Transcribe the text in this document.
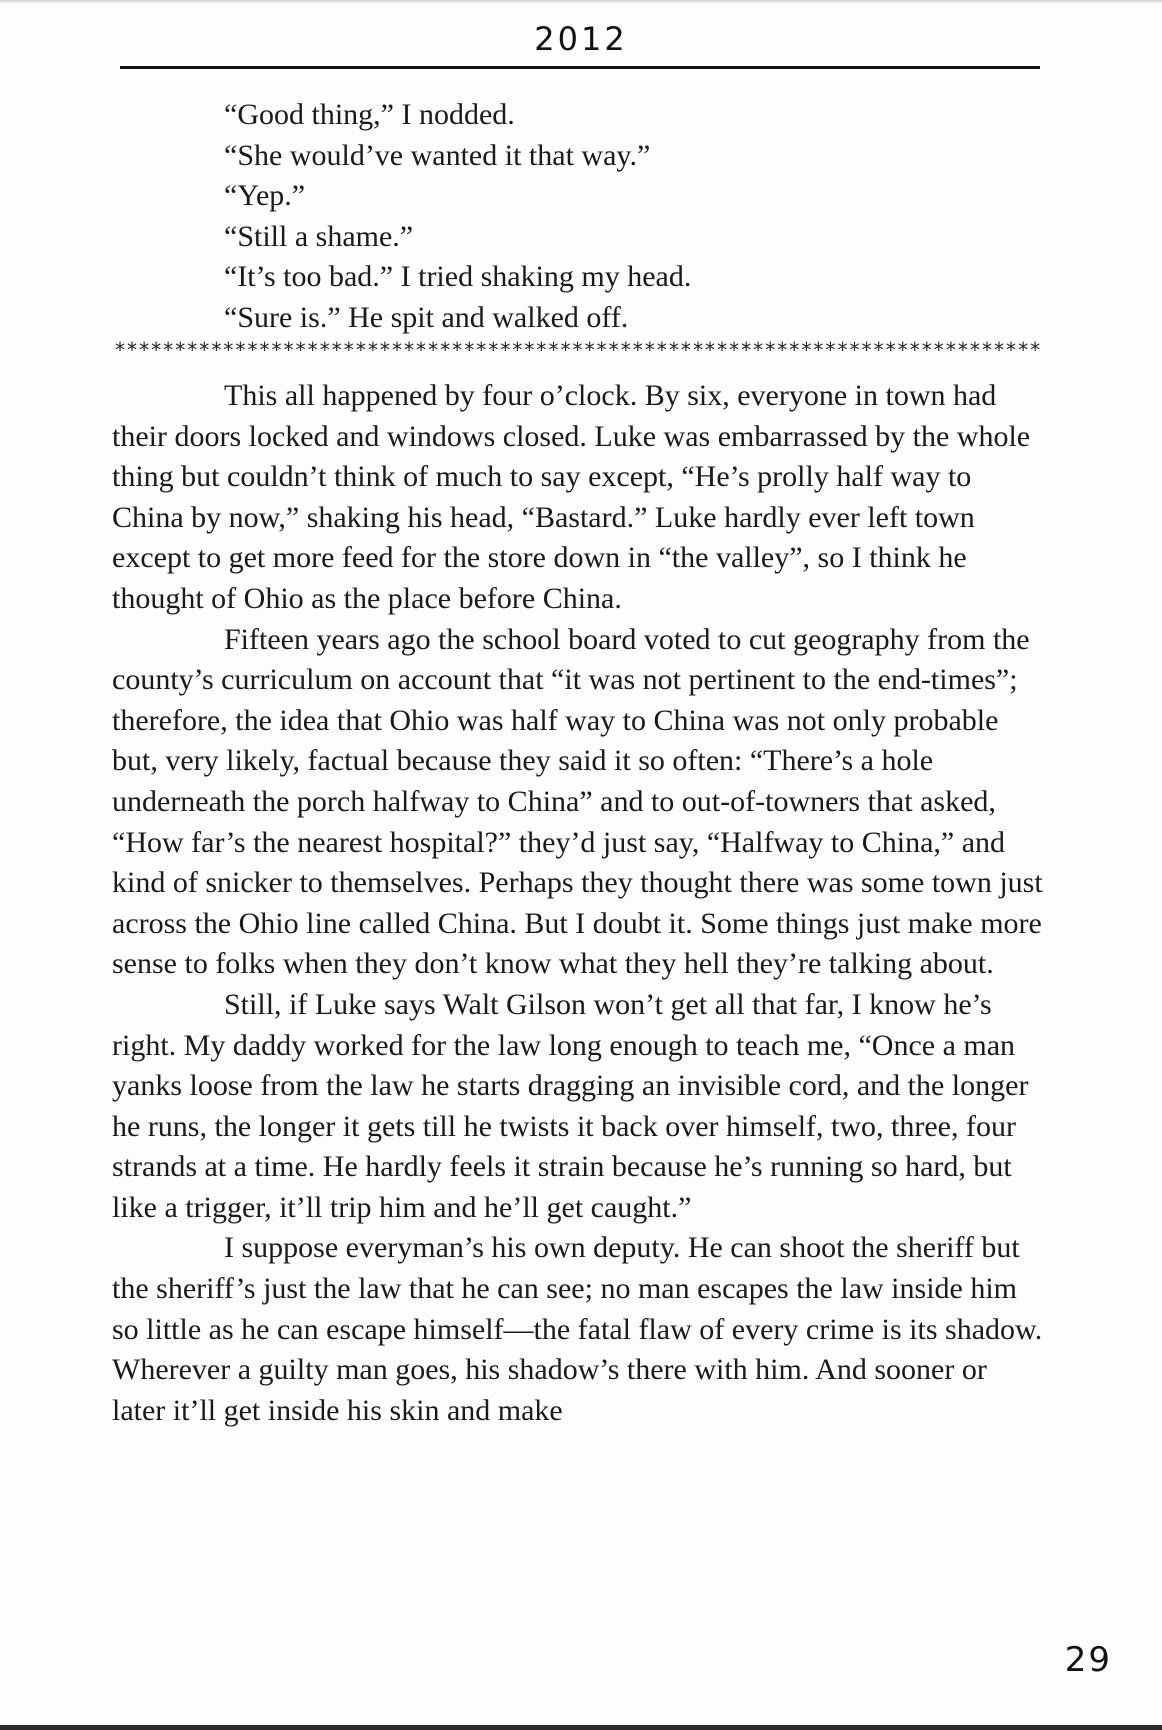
2012
“Good thing,” I nodded.
“She would’ve wanted it that way.”
“Yep.”
“Still a shame.”
“It’s too bad.” I tried shaking my head.
“Sure is.” He spit and walked off.
*****************************************************************************

This all happened by four o’clock. By six, everyone in town had their doors locked and windows closed. Luke was embarrassed by the whole thing but couldn’t think of much to say except, “He’s prolly half way to China by now,” shaking his head, “Bastard.” Luke hardly ever left town except to get more feed for the store down in “the valley”, so I think he thought of Ohio as the place before China.

Fifteen years ago the school board voted to cut geography from the county’s curriculum on account that “it was not pertinent to the end-times”; therefore, the idea that Ohio was half way to China was not only probable but, very likely, factual because they said it so often: “There’s a hole underneath the porch halfway to China” and to out-of-towners that asked, “How far’s the nearest hospital?” they’d just say, “Halfway to China,” and kind of snicker to themselves. Perhaps they thought there was some town just across the Ohio line called China. But I doubt it. Some things just make more sense to folks when they don’t know what they hell they’re talking about.

Still, if Luke says Walt Gilson won’t get all that far, I know he’s right. My daddy worked for the law long enough to teach me, “Once a man yanks loose from the law he starts dragging an invisible cord, and the longer he runs, the longer it gets till he twists it back over himself, two, three, four strands at a time. He hardly feels it strain because he’s running so hard, but like a trigger, it’ll trip him and he’ll get caught.”

I suppose everyman’s his own deputy. He can shoot the sheriff but the sheriff’s just the law that he can see; no man escapes the law inside him so little as he can escape himself—the fatal flaw of every crime is its shadow. Wherever a guilty man goes, his shadow’s there with him. And sooner or later it’ll get inside his skin and make

29
